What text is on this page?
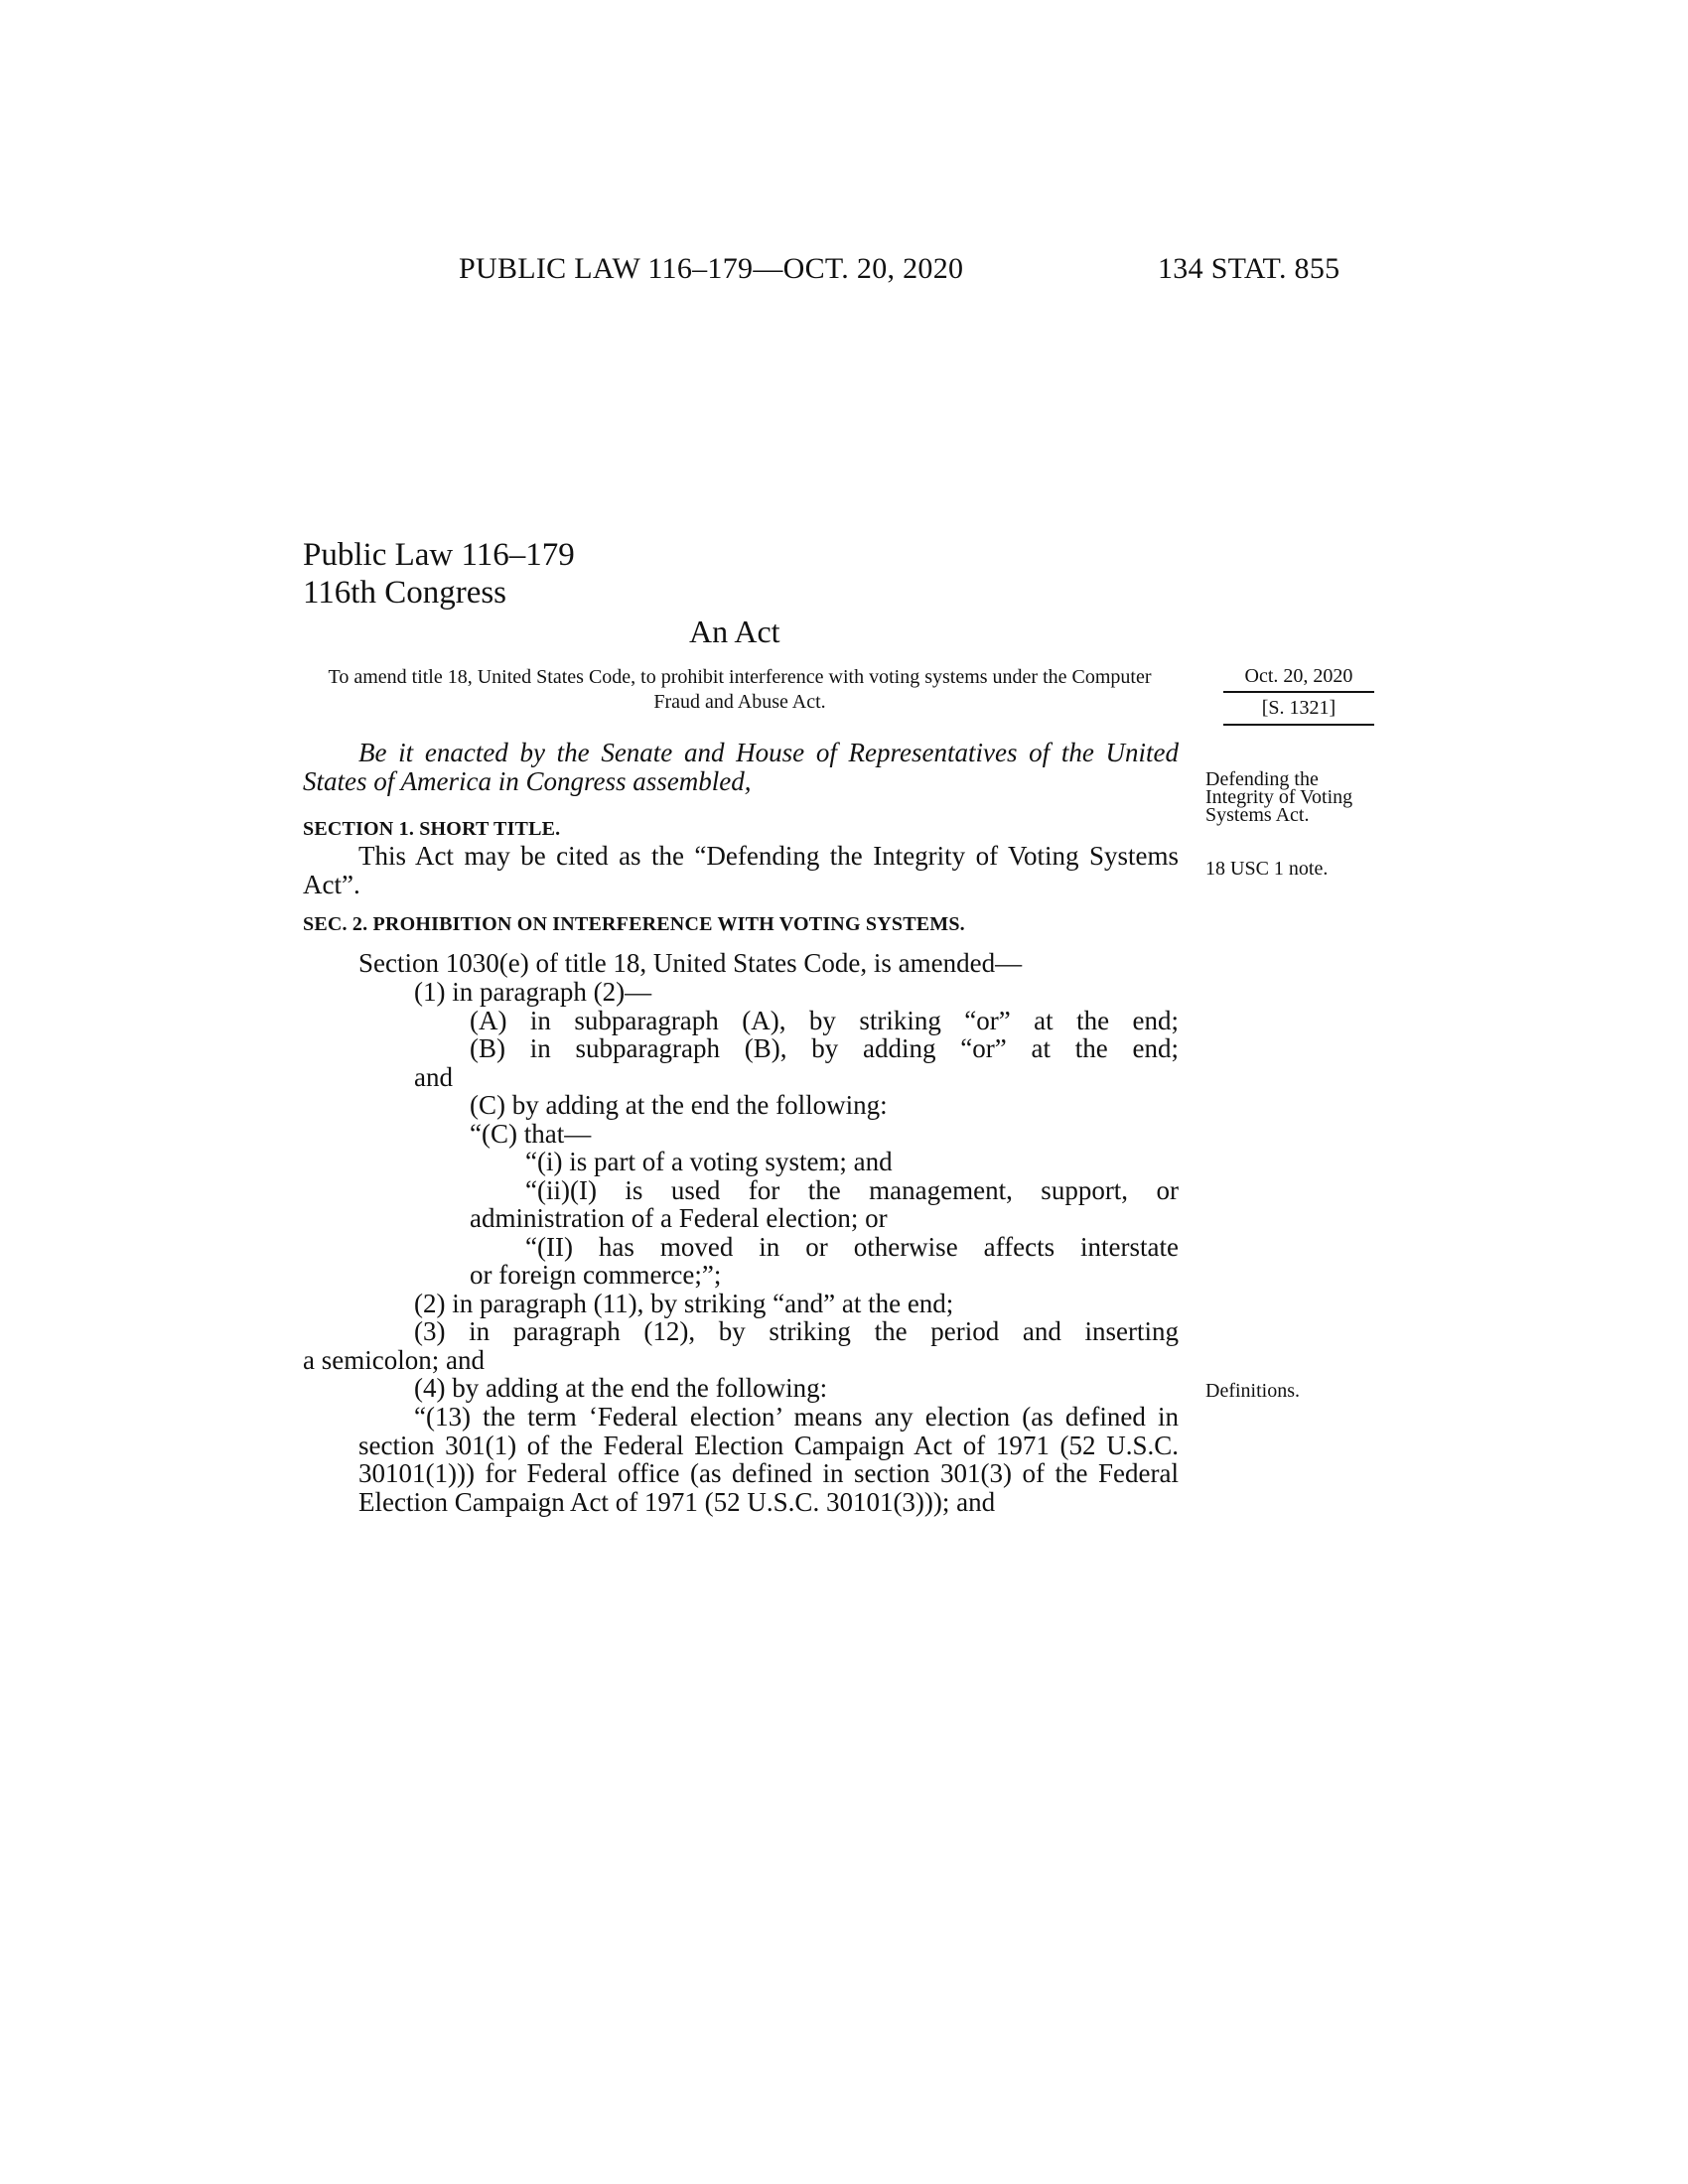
PUBLIC LAW 116–179—OCT. 20, 2020	134 STAT. 855
Public Law 116–179
116th Congress
An Act
To amend title 18, United States Code, to prohibit interference with voting systems under the Computer Fraud and Abuse Act.
Oct. 20, 2020
[S. 1321]
Be it enacted by the Senate and House of Representatives of the United States of America in Congress assembled,
SECTION 1. SHORT TITLE.
This Act may be cited as the “Defending the Integrity of Voting Systems Act”.
Defending the Integrity of Voting Systems Act.
18 USC 1 note.
SEC. 2. PROHIBITION ON INTERFERENCE WITH VOTING SYSTEMS.
Section 1030(e) of title 18, United States Code, is amended—
(1) in paragraph (2)—
(A) in subparagraph (A), by striking “or” at the end;
(B) in subparagraph (B), by adding “or” at the end;
and
(C) by adding at the end the following:
“(C) that—
“(i) is part of a voting system; and
“(ii)(I) is used for the management, support, or
administration of a Federal election; or
“(II) has moved in or otherwise affects interstate
or foreign commerce;”;
(2) in paragraph (11), by striking “and” at the end;
(3) in paragraph (12), by striking the period and inserting
a semicolon; and
(4) by adding at the end the following:	Definitions.
“(13) the term ‘Federal election’ means any election (as defined in section 301(1) of the Federal Election Campaign Act of 1971 (52 U.S.C. 30101(1))) for Federal office (as defined in section 301(3) of the Federal Election Campaign Act of 1971 (52 U.S.C. 30101(3))); and
